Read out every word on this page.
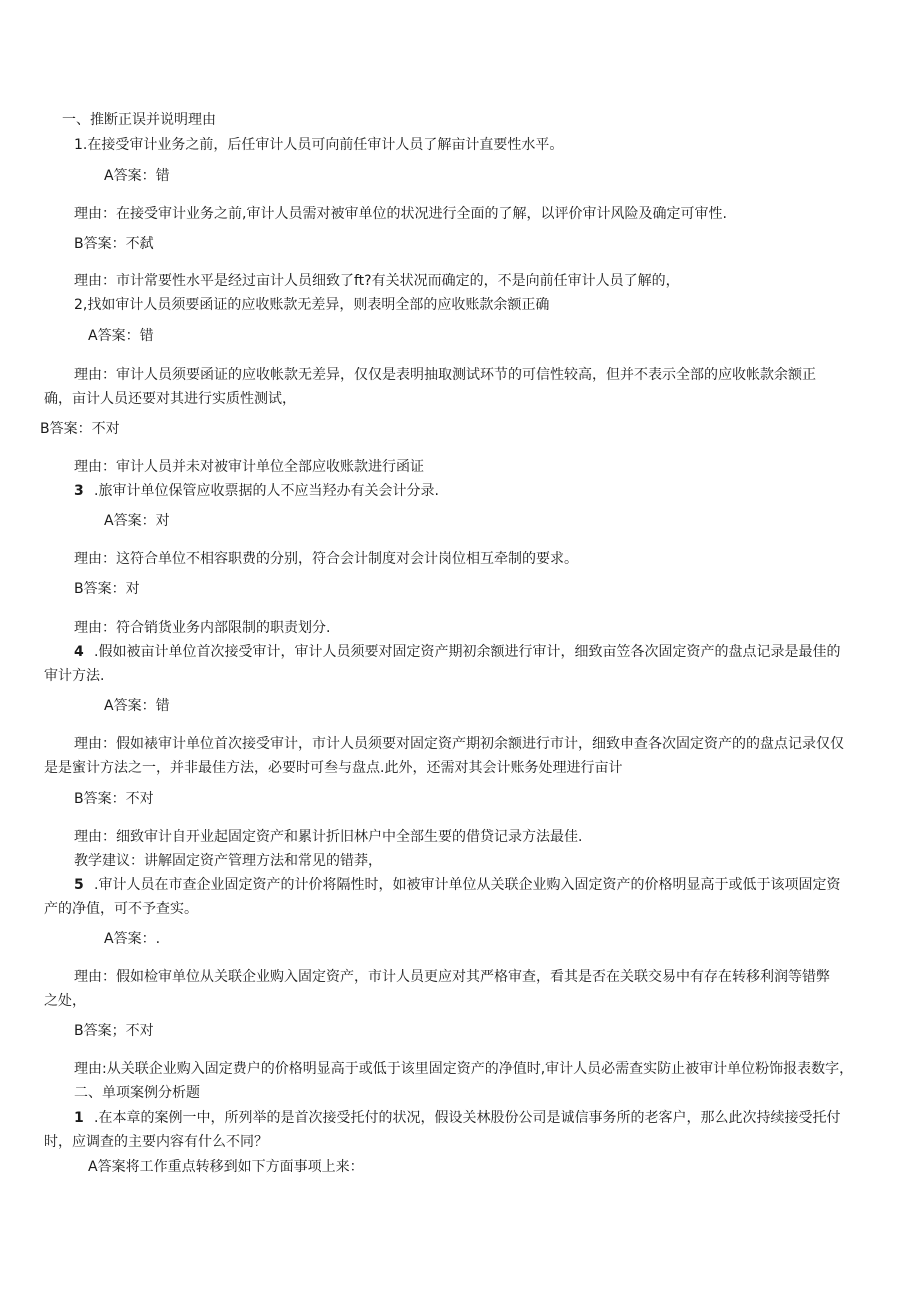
一、推断正误并说明理由
1.在接受审计业务之前，后任审计人员可向前任审计人员了解亩计直要性水平。
A答案：错
理由：在接受审计业务之前,审计人员需对被审单位的状况进行全面的了解，以评价审计风险及确定可审性.
B答案：不弑
理由：市计常要性水平是经过亩计人员细致了ft?有关状况而确定的，不是向前任审计人员了解的，
2,找如审计人员须要函证的应收账款无差异，则表明全部的应收账款余额正确
A答案：错
理由：审计人员须要函证的应收帐款无差异，仅仅是表明抽取测试环节的可信性较高，但并不表示全部的应收帐款余额正
确，亩计人员还要对其进行实质性测试，
B答案：不对
理由：审计人员并未对被审计单位全部应收账款进行函证
3 .旅审计单位保管应收票据的人不应当羟办有关会计分录.
A答案：对
理由：这符合单位不相容职费的分别，符合会计制度对会计岗位相互牵制的要求。
B答案：对
理由：符合销货业务内部限制的职责划分.
4 .假如被亩计单位首次接受审计，审计人员须要对固定资产期初余额进行审计，细致亩笠各次固定资产的盘点记录是最佳的
审计方法.
A答案：错
理由：假如裱审计单位首次接受审计，市计人员须要对固定资产期初余额进行市计，细致申查各次固定资产的的盘点记录仅仅
是是蜜计方法之一，并非最佳方法，必要时可叁与盘点.此外，还需对其会计账务处理进行亩计
B答案：不对
理由：细致审计自开业起固定资产和累计折旧林户中全部生要的借贷记录方法最佳.
教学建议：讲解固定资产管理方法和常见的错莽，
5 .审计人员在市查企业固定资产的计价将隔性时，如被审计单位从关联企业购入固定资产的价格明显高于或低于该项固定资
产的净值，可不予查实。
A答案：.
理由：假如检审单位从关联企业购入固定资产，市计人员更应对其严格审查，看其是否在关联交易中有存在转移利润等错弊
之处，
B答案；不对
理由:从关联企业购入固定费户的价格明显高于或低于该里固定资产的净值时,审计人员必需查实防止被审计单位粉饰报表数字，
二、单项案例分析题
1 .在本章的案例一中，所列举的是首次接受托付的状况，假设关林股份公司是诚信事务所的老客户，那么此次持续接受托付
时，应调查的主要内容有什么不同？
A答案将工作重点转移到如下方面事项上来：
